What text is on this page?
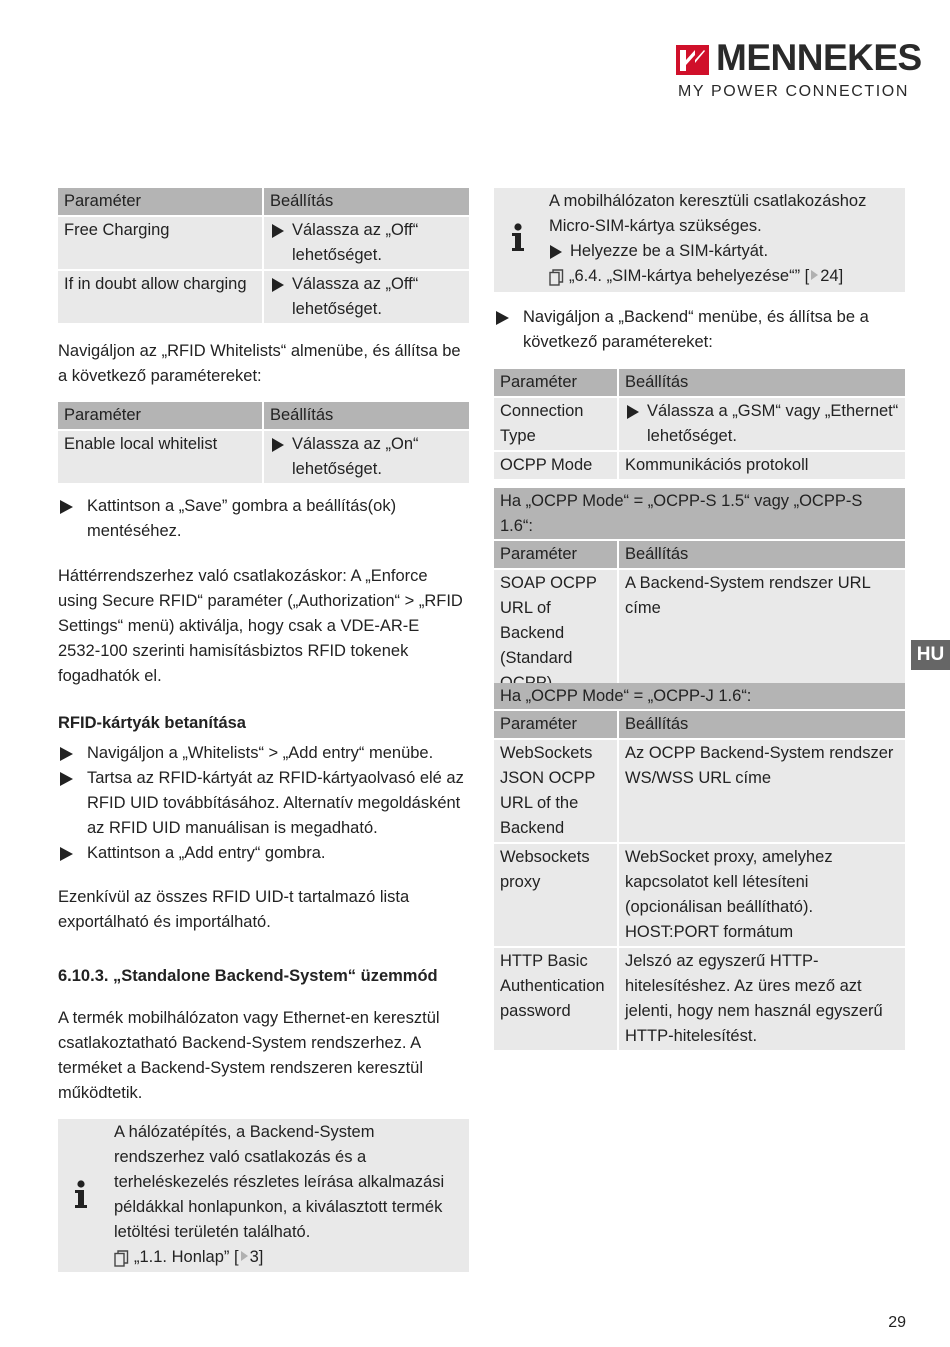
MENNEKES
MY POWER CONNECTION
Paraméter	Beállítás
Free Charging	Válassza az „Off“ lehetőséget.

If in doubt allow charging	Válassza az „Off“ lehetőséget.
Navigáljon az „RFID Whitelists“ almenübe, és állítsa be a következő paramétereket:
Paraméter	Beállítás
Enable local whitelist	Válassza az „On“ lehetőséget.
Kattintson a „Save” gombra a beállítás(ok) mentéséhez.
Háttérrendszerhez való csatlakozáskor: A „Enforce using Secure RFID“ paraméter („Authorization“ > „RFID Settings“ menü) aktiválja, hogy csak a VDE-AR-E 2532-100 szerinti hamisításbiztos RFID tokenek fogadhatók el.
RFID-kártyák betanítása
Navigáljon a „Whitelists“ > „Add entry“ menübe.
Tartsa az RFID-kártyát az RFID-kártyaolvasó elé az RFID UID továbbításához. Alternatív megoldásként az RFID UID manuálisan is megadható.
Kattintson a „Add entry“ gombra.
Ezenkívül az összes RFID UID-t tartalmazó lista exportálható és importálható.
6.10.3. „Standalone Backend-System“ üzemmód
A termék mobilhálózaton vagy Ethernet-en keresztül csatlakoztatható Backend-System rendszerhez. A terméket a Backend-System rendszeren keresztül működtetik.
A hálózatépítés, a Backend-System rendszerhez való csatlakozás és a terheléskezelés részletes leírása alkalmazási példákkal honlapunkon, a kiválasztott termék letöltési területén található.
„1.1. Honlap” [ 3]
A mobilhálózaton keresztüli csatlakozáshoz Micro-SIM-kártya szükséges.
Helyezze be a SIM-kártyát.
„6.4. „SIM-kártya behelyezése“” [ 24]
Navigáljon a „Backend“ menübe, és állítsa be a következő paramétereket:
Paraméter	Beállítás
Connection Type	Válassza a „GSM“ vagy „Ethernet“ lehetőséget.

OCPP Mode	Kommunikációs protokoll
Ha „OCPP Mode“ = „OCPP-S 1.5“ vagy „OCPP-S 1.6“:	
Paraméter	Beállítás
SOAP OCPP URL of Backend (Standard	A Backend-System rendszer URL címe
Ha „OCPP Mode“ = „OCPP-J 1.6“:	
Paraméter	Beállítás
WebSockets JSON OCPP URL of the Backend	Az OCPP Backend-System rendszer WS/WSS URL címe
Websockets proxy	WebSocket proxy, amelyhez kapcsolatot kell létesíteni (opcionálisan beállítható). HOST:PORT formátum
HTTP Basic Authentication password	Jelszó az egyszerű HTTP-hitelesítéshez. Az üres mező azt jelenti, hogy nem használ egyszerű HTTP-hitelesítést.
HU
29
